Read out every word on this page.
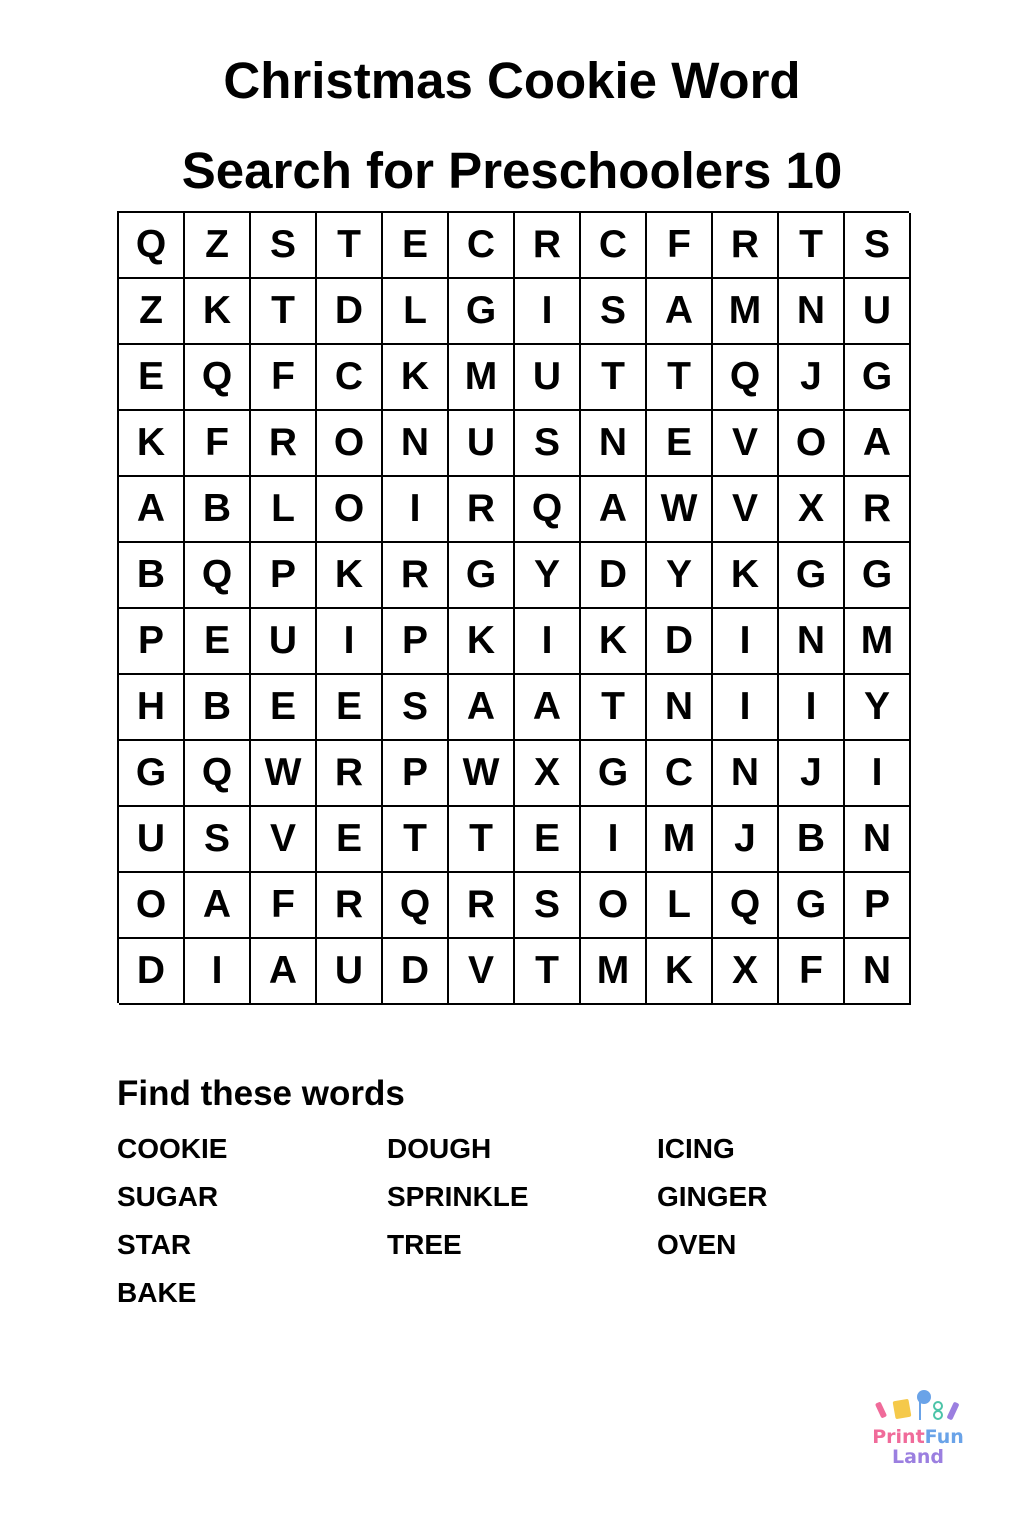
Christmas Cookie Word
Search for Preschoolers 10
Q Z	S	T	E C R C	F	R	T	S
Z	K	T	D	L G	I	S A M N U
E Q F	C K M U	T	T Q	J	G
K	F	R O N U S N E	V O A
A B	L O	I	R Q A W V	X R
B Q P K R G Y D Y K G G
P	E U	I	P K	I	K D	I	N M
H B E	E	S A A	T	N	I	I	Y
G Q W R P W X G C N	J	I
U S	V	E	T	T	E	I	M J	B N
O A	F	R Q R S O L Q G P
D	I	A U D V	T M K X	F	N
Find these words
COOKIE	DOUGH	ICING
SUGAR	SPRINKLE	GINGER
STAR	TREE	OVEN
BAKE
PrintFun
Land
